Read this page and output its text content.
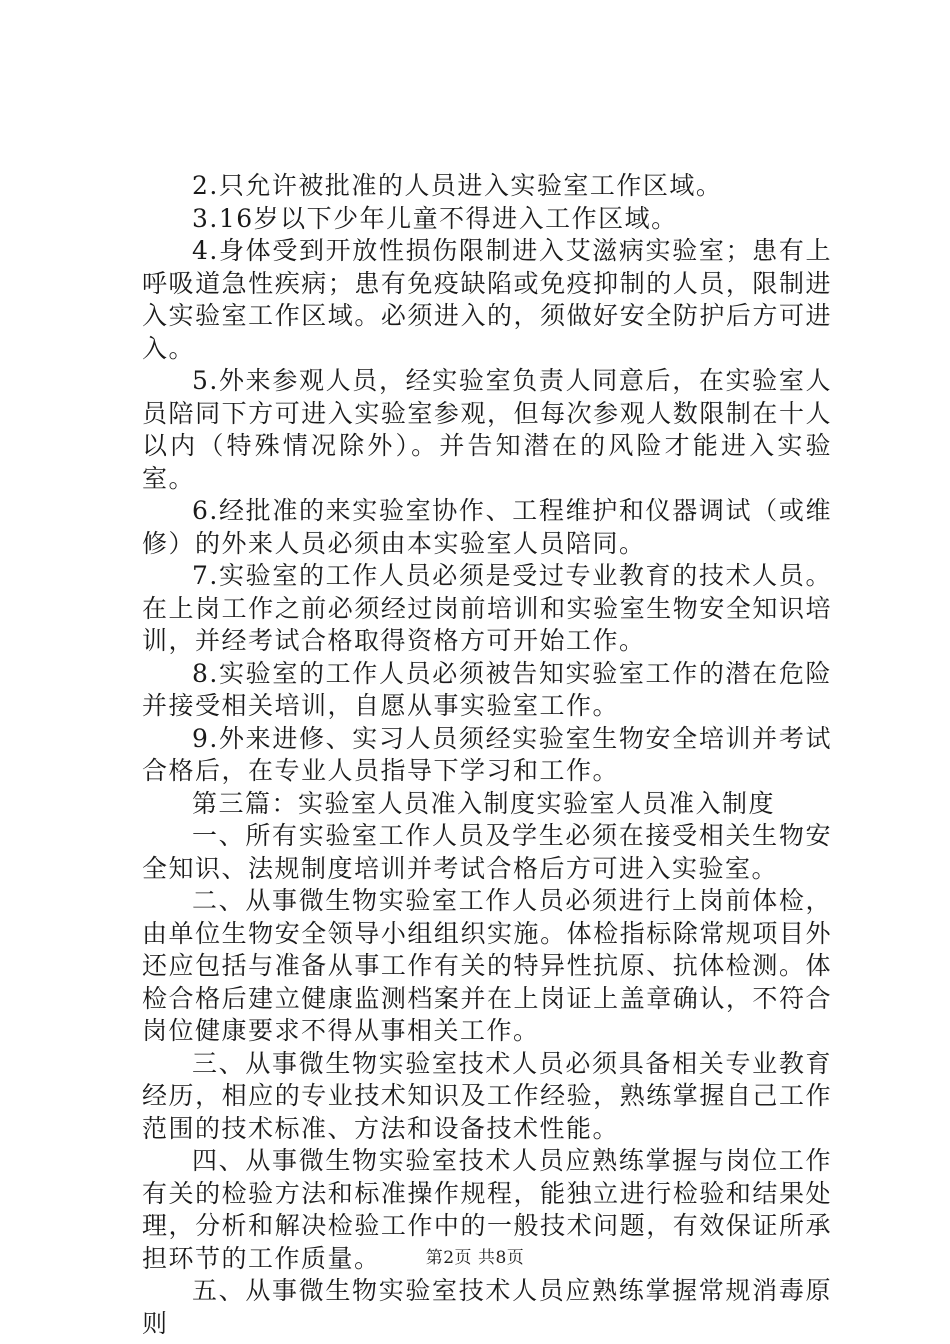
2.只允许被批准的人员进入实验室工作区域。

3.16岁以下少年儿童不得进入工作区域。

4.身体受到开放性损伤限制进入艾滋病实验室；患有上呼吸道急性疾病；患有免疫缺陷或免疫抑制的人员，限制进入实验室工作区域。必须进入的，须做好安全防护后方可进入。

5.外来参观人员，经实验室负责人同意后，在实验室人员陪同下方可进入实验室参观，但每次参观人数限制在十人以内（特殊情况除外）。并告知潜在的风险才能进入实验室。

6.经批准的来实验室协作、工程维护和仪器调试（或维修）的外来人员必须由本实验室人员陪同。

7.实验室的工作人员必须是受过专业教育的技术人员。在上岗工作之前必须经过岗前培训和实验室生物安全知识培训，并经考试合格取得资格方可开始工作。

8.实验室的工作人员必须被告知实验室工作的潜在危险并接受相关培训，自愿从事实验室工作。

9.外来进修、实习人员须经实验室生物安全培训并考试合格后，在专业人员指导下学习和工作。

第三篇：实验室人员准入制度实验室人员准入制度

一、所有实验室工作人员及学生必须在接受相关生物安全知识、法规制度培训并考试合格后方可进入实验室。

二、从事微生物实验室工作人员必须进行上岗前体检，由单位生物安全领导小组组织实施。体检指标除常规项目外还应包括与准备从事工作有关的特异性抗原、抗体检测。体检合格后建立健康监测档案并在上岗证上盖章确认，不符合岗位健康要求不得从事相关工作。

三、从事微生物实验室技术人员必须具备相关专业教育经历，相应的专业技术知识及工作经验，熟练掌握自己工作范围的技术标准、方法和设备技术性能。

四、从事微生物实验室技术人员应熟练掌握与岗位工作有关的检验方法和标准操作规程，能独立进行检验和结果处理，分析和解决检验工作中的一般技术问题，有效保证所承担环节的工作质量。

五、从事微生物实验室技术人员应熟练掌握常规消毒原则

第2页 共8页
